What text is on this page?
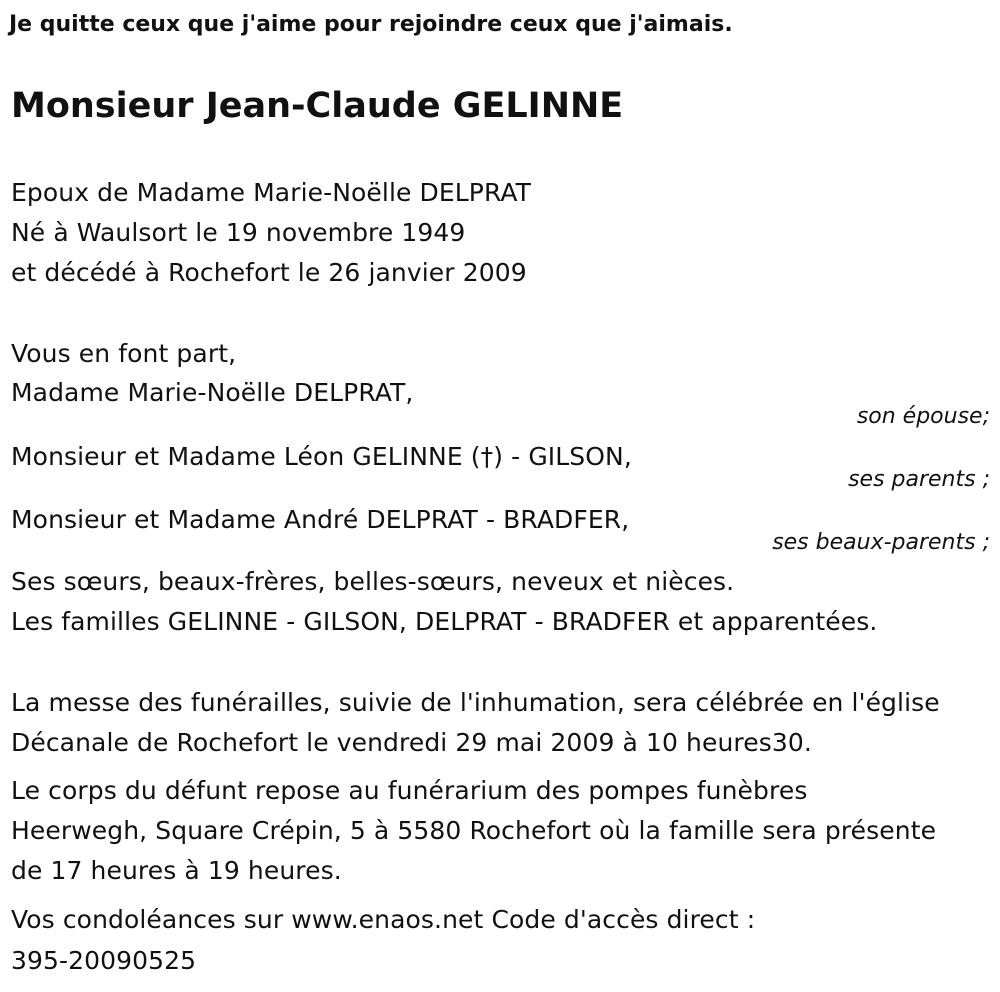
Je quitte ceux que j'aime pour rejoindre ceux que j'aimais.
Monsieur Jean-Claude GELINNE
Epoux de Madame Marie-Noëlle DELPRAT
Né à Waulsort le 19 novembre 1949
et décédé à Rochefort le 26 janvier 2009
Vous en font part,
Madame Marie-Noëlle DELPRAT,
son épouse;
Monsieur et Madame Léon GELINNE (†) - GILSON,
ses parents ;
Monsieur et Madame André DELPRAT - BRADFER,
ses beaux-parents ;
Ses sœurs, beaux-frères, belles-sœurs, neveux et nièces.
Les familles GELINNE - GILSON, DELPRAT - BRADFER et apparentées.
La messe des funérailles, suivie de l'inhumation, sera célébrée en l'église
Décanale de Rochefort le vendredi 29 mai 2009 à 10 heures30.
Le corps du défunt repose au funérarium des pompes funèbres
Heerwegh, Square Crépin, 5 à 5580 Rochefort où la famille sera présente
de 17 heures à 19 heures.
Vos condoléances sur www.enaos.net Code d'accès direct :
395-20090525
